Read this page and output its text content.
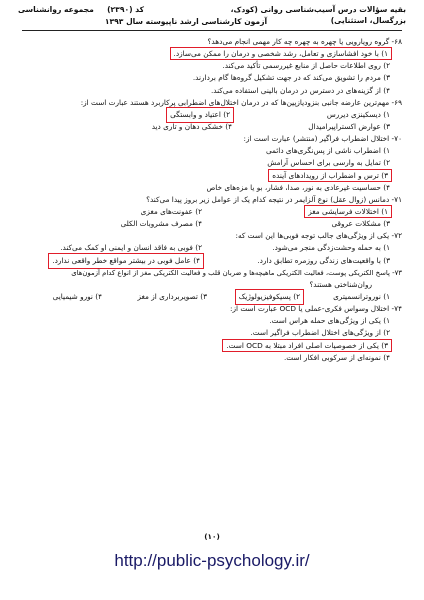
بقیه سؤالات درس آسیب‌شناسی روانی (کودک، بزرگسال، استثنایی)
کد (۲۳۹۰)     مجموعه روانشناسی
آزمون کارشناسی ارشد ناپیوسته سال ۱۳۹۳
۶۸- گروه رویارویی یا چهره به چهره چه کار مهمی انجام می‌دهد؟
۱) با خود افشاسازی و تعامل، رشد شخصی و درمان را ممکن می‌سازد.
۲) روی اطلاعات حاصل از منابع غیررسمی تأکید می‌کند.
۳) مردم را تشویق می‌کند که در جهت تشکیل گروه‌ها گام بردارند.
۴) از گزینه‌های در دسترس در درمان بالینی استفاده می‌کند.
۶۹- مهم‌ترین عارضه جانبی بنزودیازپین‌ها که در درمان اختلال‌های اضطرابی پرکاربرد هستند عبارت است از:
۱) دیسکینزی دیررس
۲) اعتیاد و وابستگی
۳) عوارض اکستراپیرامیدال
۴) خشکی دهان و تاری دید
۷۰- اختلال اضطراب فراگیر (منتشر) عبارت است از:
۱) اضطراب ناشی از پس‌نگری‌های دائمی
۲) تمایل به وارسی برای احساس آرامش
۳) ترس و اضطراب از رویدادهای آینده
۴) حساسیت غیرعادی به نور، صدا، فشار، بو یا مزه‌های خاص
۷۱- دمانس (زوال عقل) نوع آلزایمر در نتیجه کدام یک از عوامل زیر بروز پیدا می‌کند؟
۱) اختلالات فرسایشی مغز
۲) عفونت‌های مغزی
۳) مشکلات عروقی
۴) مصرف مشروبات الکلی
۷۲- یکی از ویژگی‌های جالب توجه فوبی‌ها این است که:
۱) به حمله وحشت‌زدگی منجر می‌شود.
۲) فوبی به فاقد انسان و ایمنی او کمک می‌کند.
۳) با واقعیت‌های زندگی روزمره تطابق دارد.
۴) عامل فوبی در بیشتر مواقع خطر واقعی ندارد.
۷۳- پاسخ الکتریکی پوست، فعالیت الکتریکی ماهیچه‌ها و ضربان قلب و فعالیت الکتریکی مغز از انواع کدام آزمون‌های
روان‌شناختی هستند؟
۱) نوروترانسمیتری
۲) پسیکوفیزیولوژیک
۳) تصویربرداری از مغز
۴) نورو شیمیایی
۷۴- اختلال وسواس فکری-عملی یا OCD عبارت است از:
۱) یکی از ویژگی‌های حمله هراس است.
۲) از ویژگی‌های اختلال اضطراب فراگیر است.
۳) یکی از خصوصیات اصلی افراد مبتلا به OCD است.
۴) نمونه‌ای از سرکوبی افکار است.
(۱۰)
http://public-psychology.ir/
